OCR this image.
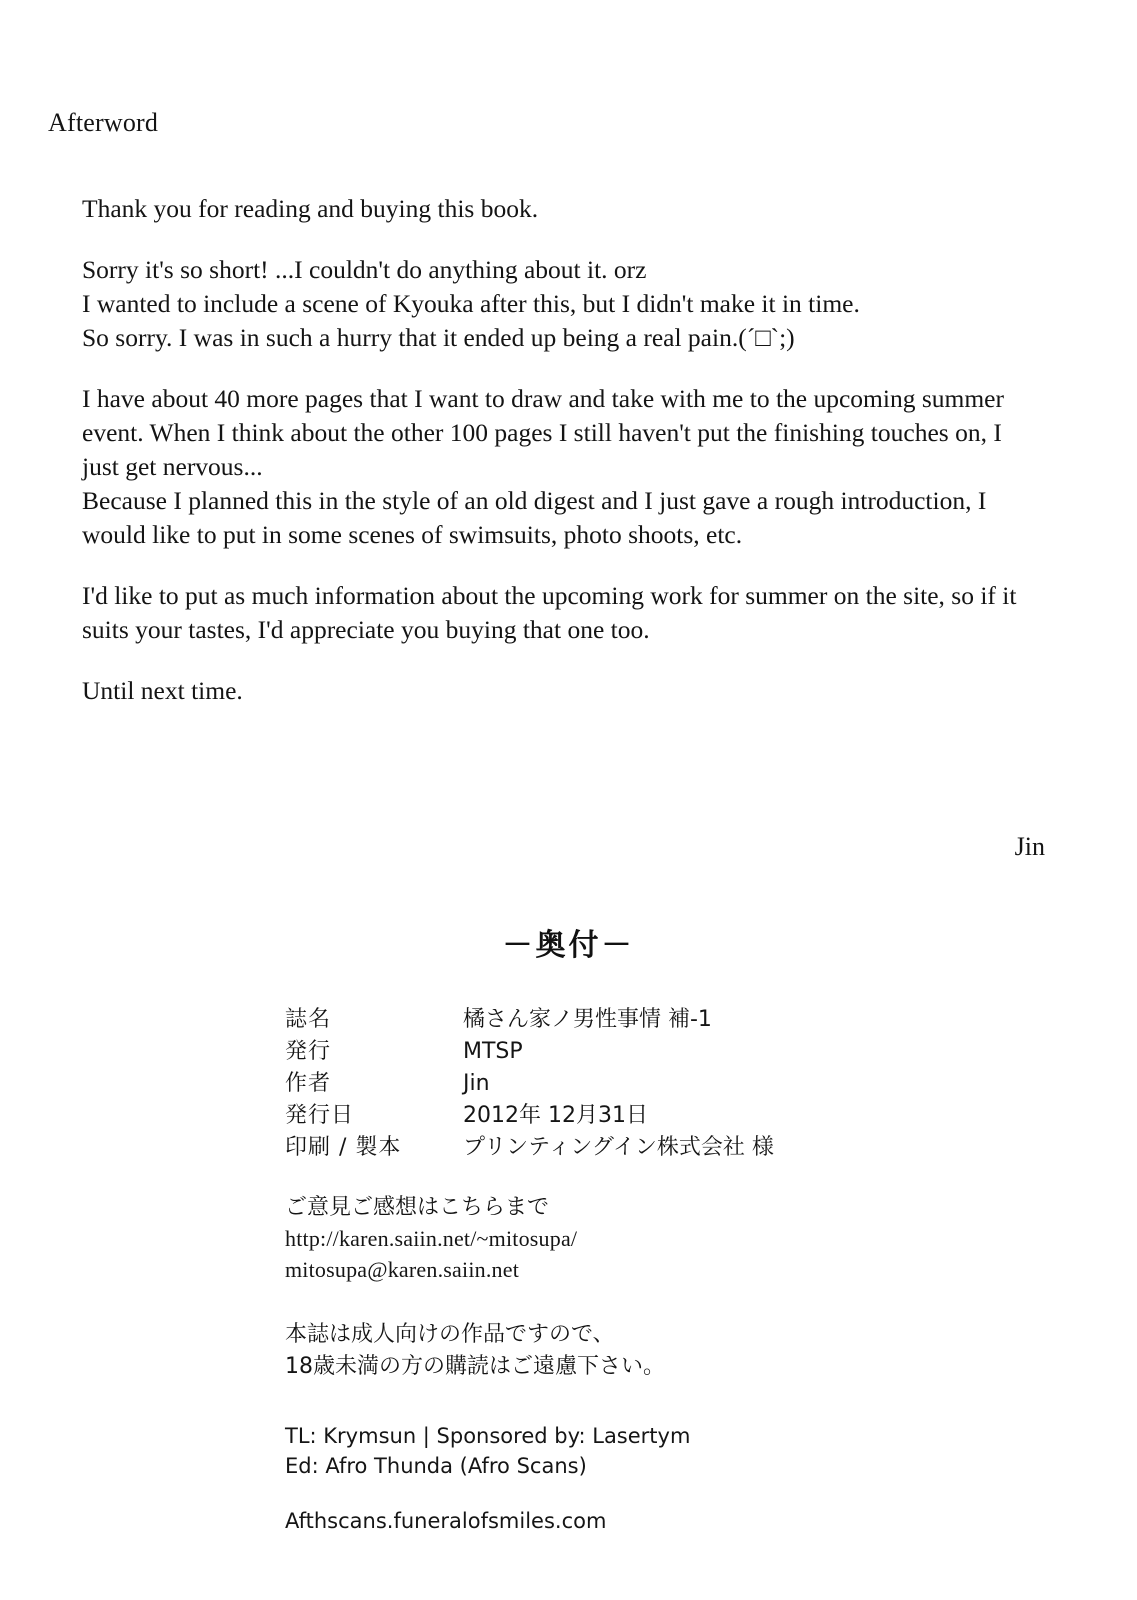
Afterword

Thank you for reading and buying this book.

Sorry it's so short! ...I couldn't do anything about it. orz
I wanted to include a scene of Kyouka after this, but I didn't make it in time.
So sorry. I was in such a hurry that it ended up being a real pain.(´□`;)

I have about 40 more pages that I want to draw and take with me to the upcoming summer event. When I think about the other 100 pages I still haven't put the finishing touches on, I just get nervous...
Because I planned this in the style of an old digest and I just gave a rough introduction, I would like to put in some scenes of swimsuits, photo shoots, etc.

I'd like to put as much information about the upcoming work for summer on the site, so if it suits your tastes, I'd appreciate you buying that one too.

Until next time.

Jin
－奥付－
誌名	橘さん家ノ男性事情 補-1
発行	MTSP
作者	Jin
発行日	2012年 12月31日
印刷 / 製本	プリンティングイン株式会社 様
ご意見ご感想はこちらまで
http://karen.saiin.net/~mitosupa/
mitosupa@karen.saiin.net
本誌は成人向けの作品ですので、
18歳未満の方の購読はご遠慮下さい。
TL: Krymsun | Sponsored by: Lasertym
Ed: Afro Thunda (Afro Scans)
Afthscans.funeralofsmiles.com
